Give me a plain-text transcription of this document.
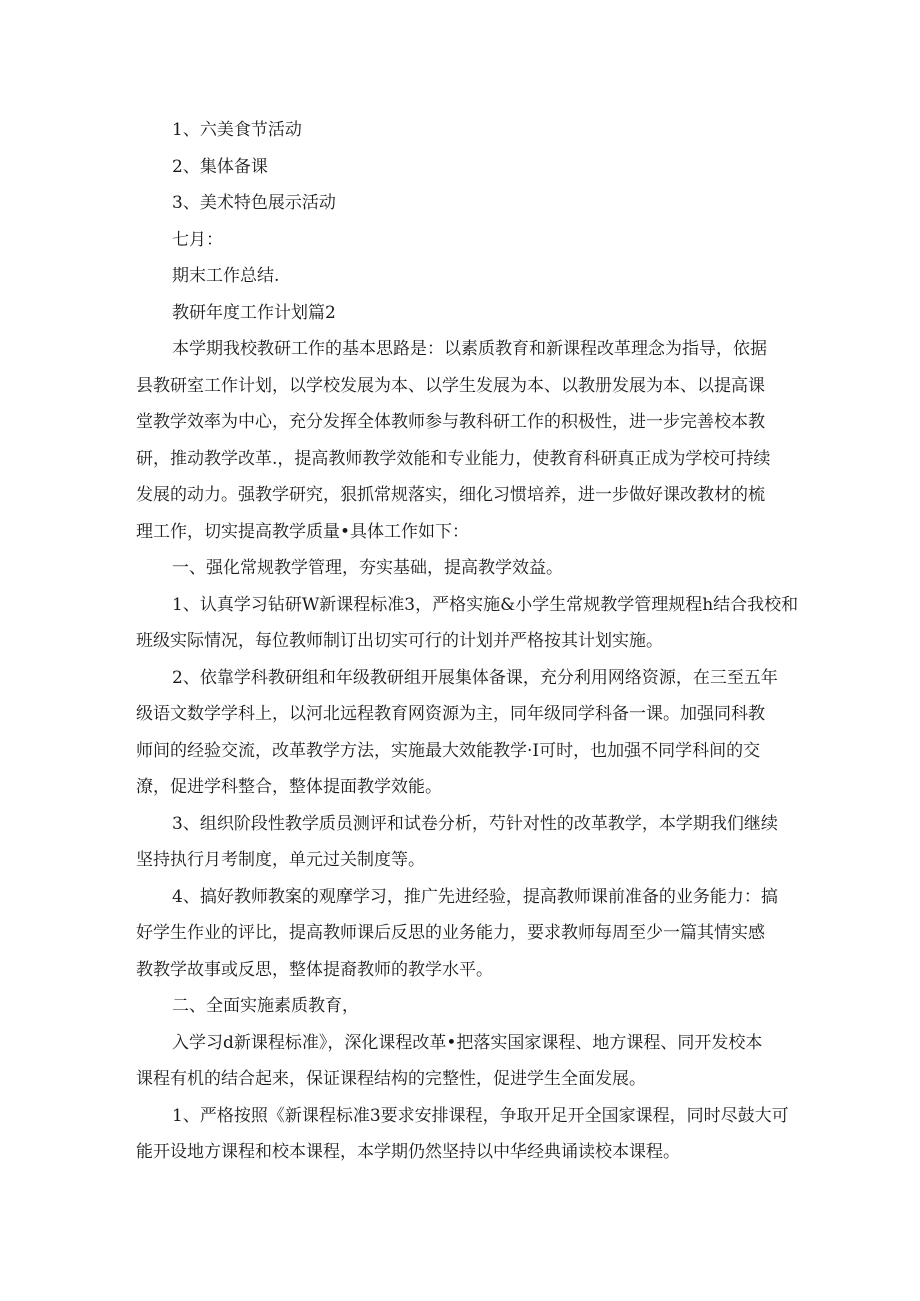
1、六美食节活动

2、集体备课

3、美术特色展示活动

七月：

期末工作总结.

教研年度工作计划篇2

本学期我校教研工作的基本思路是：以素质教育和新课程改革理念为指导，依据

县教研室工作计划，以学校发展为本、以学生发展为本、以教册发展为本、以提高课

堂教学效率为中心，充分发挥全体教师参与教科研工作的积极性，进一步完善校本教

研，推动教学改革.，提高教师教学效能和专业能力，使教育科研真正成为学校可持续

发展的动力。强教学研究，狠抓常规落实，细化习惯培养，进一步做好课改教材的梳

理工作，切实提高教学质量•具体工作如下：

一、强化常规教学管理，夯实基础，提高教学效益。

1、认真学习钻研W新课程标准3，严格实施&小学生常规教学管理规程h结合我校和

班级实际情况，每位教师制订出切实可行的计划并严格按其计划实施。

2、依靠学科教研组和年级教研组开展集体备课，充分利用网络资源，在三至五年

级语文数学学科上，以河北远程教育网资源为主，同年级同学科备一课。加强同科教

师间的经验交流，改革教学方法，实施最大效能教学·I可时，也加强不同学科间的交

潦，促进学科整合，整体提面教学效能。

3、组织阶段性教学质员测评和试卷分析，芍针对性的改革教学，本学期我们继续

坚持执行月考制度，单元过关制度等。

4、搞好教师教案的观摩学习，推广先进经验，提高教师课前准备的业务能力：搞

好学生作业的评比，提高教师课后反思的业务能力，要求教师每周至少一篇其情实感

教教学故事或反思，整体提裔教师的教学水平。

二、全面实施素质教育，

入学习d新课程标准》，深化课程改革•把落实国家课程、地方课程、同开发校本

课程有机的结合起来，保证课程结构的完整性，促进学生全面发展。

1、严格按照《新课程标准3要求安排课程，争取开足开全国家课程，同时尽鼓大可

能开设地方课程和校本课程，本学期仍然坚持以中华经典诵读校本课程。
